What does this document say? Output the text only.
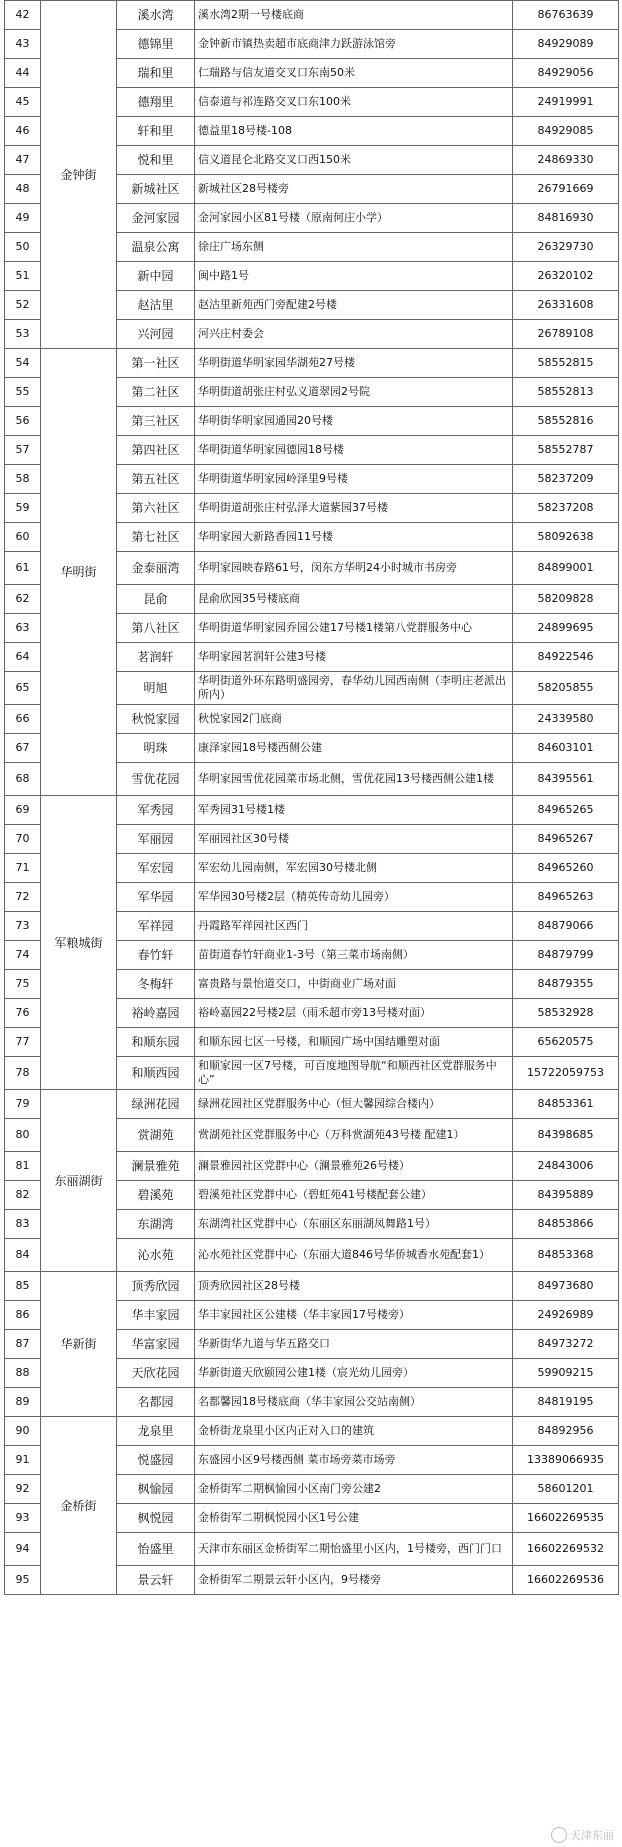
42	金钟街	溪水湾	溪水湾2期一号楼底商	86763639
43		德锦里	金钟新市镇热卖超市底商津力跃游泳馆旁	84929089
44		瑞和里	仁瑞路与信友道交叉口东南50米	84929056
45		德翔里	信泰道与祁连路交叉口东100米	24919991
46		轩和里	德益里18号楼-108	84929085
47		悦和里	信义道昆仑北路交叉口西150米	24869330
48		新城社区	新城社区28号楼旁	26791669
49		金河家园	金河家园小区81号楼（原南何庄小学）	84816930
50		温泉公寓	徐庄广场东侧	26329730
51		新中园	闽中路1号	26320102
52		赵沽里	赵沽里新苑西门旁配建2号楼	26331608
53		兴河园	河兴庄村委会	26789108
54	华明街	第一社区	华明街道华明家园华湖苑27号楼	58552815
55		第二社区	华明街道胡张庄村弘义道翠园2号院	58552813
56		第三社区	华明街华明家园通园20号楼	58552816
57		第四社区	华明街道华明家园德园18号楼	58552787
58		第五社区	华明街道华明家园岭泽里9号楼	58237209
59		第六社区	华明街道胡张庄村弘泽大道紫园37号楼	58237208
60		第七社区	华明家园大新路香园11号楼	58092638
61		金泰丽湾	华明家园映春路61号，闵东方华明24小时城市书房旁	84899001
62		昆俞	昆俞欣园35号楼底商	58209828
63		第八社区	华明街道华明家园乔园公建17号楼1楼第八党群服务中心	24899695
64		茗润轩	华明家园茗润轩公建3号楼	84922546
65		明旭	华明街道外环东路明盛园旁，春华幼儿园西南侧（李明庄老派出所内）	58205855
66		秋悦家园	秋悦家园2门底商	24339580
67		明珠	康泽家园18号楼西侧公建	84603101
68		雪优花园	华明家园雪优花园菜市场北侧，雪优花园13号楼西侧公建1楼	84395561
69	军粮城街	军秀园	军秀园31号楼1楼	84965265
70		军丽园	军丽园社区30号楼	84965267
71		军宏园	军宏幼儿园南侧，军宏园30号楼北侧	84965260
72		军华园	军华园30号楼2层（精英传奇幼儿园旁）	84965263
73		军祥园	丹霞路军祥园社区西门	84879066
74		春竹轩	苗街道春竹轩商业1-3号（第三菜市场南侧）	84879799
75		冬梅轩	富贵路与景怡道交口，中街商业广场对面	84879355
76		裕岭嘉园	裕岭嘉园22号楼2层（雨禾超市旁13号楼对面）	58532928
77		和顺东园	和顺东园七区一号楼，和顺园广场中国结雕塑对面	65620575
78		和顺西园	和顺家园一区7号楼，可百度地图导航“和顺西社区党群服务中心”	15722059753
79	东丽湖街	绿洲花园	绿洲花园社区党群服务中心（恒大馨园综合楼内）	84853361
80		赏湖苑	赏湖苑社区党群服务中心（万科赏湖苑43号楼 配建1）	84398685
81		澜景雅苑	澜景雅园社区党群中心（澜景雅苑26号楼）	24843006
82		碧溪苑	碧溪苑社区党群中心（碧虹苑41号楼配套公建）	84395889
83		东湖湾	东湖湾社区党群中心（东丽区东丽湖凤舞路1号）	84853866
84		沁水苑	沁水苑社区党群中心（东丽大道846号华侨城香水苑配套1）	84853368
85	华新街	顶秀欣园	顶秀欣园社区28号楼	84973680
86		华丰家园	华丰家园社区公建楼（华丰家园17号楼旁）	24926989
87		华富家园	华新街华九道与华五路交口	84973272
88		天欣花园	华新街道天欣颐园公建1楼（宸光幼儿园旁）	59909215
89		名都园	名都馨园18号楼底商（华丰家园公交站南侧）	84819195
90	金桥街	龙泉里	金桥街龙泉里小区内正对入口的建筑	84892956
91		悦盛园	东盛园小区9号楼西侧 菜市场旁菜市场旁	13389066935
92		枫愉园	金桥街军二期枫愉园小区南门旁公建2	58601201
93		枫悦园	金桥街军二期枫悦园小区1号公建	16602269535
94		怡盛里	天津市东丽区金桥街军二期怡盛里小区内，1号楼旁，西门门口	16602269532
95		景云轩	金桥街军二期景云轩小区内，9号楼旁	16602269536
天津东丽
